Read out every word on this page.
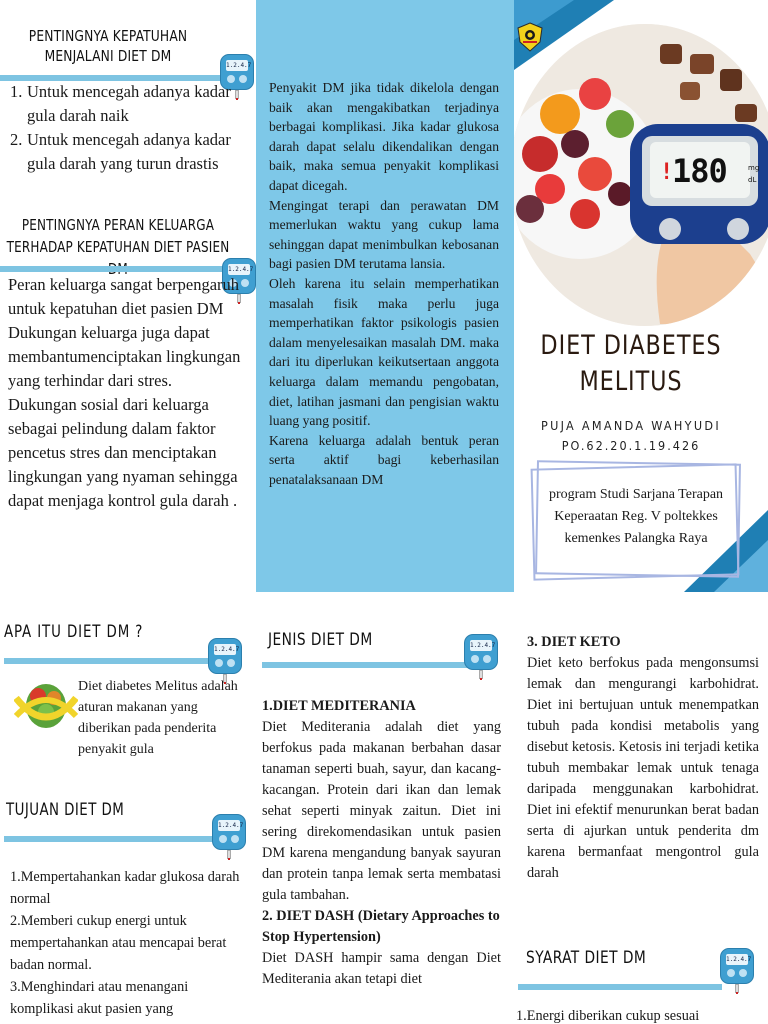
PENTINGNYA KEPATUHAN
MENJALANI DIET DM
1.2.4.7
1. Untuk mencegah adanya kadar gula darah naik
2. Untuk mencegah adanya kadar gula darah yang turun drastis
PENTINGNYA PERAN KELUARGA
TERHADAP KEPATUHAN DIET PASIEN
1.2.4.7
Peran keluarga sangat berpengaruh untuk kepatuhan diet pasien DM
Dukungan keluarga juga dapat membantumenciptakan lingkungan yang terhindar dari stres.
Dukungan sosial dari keluarga sebagai pelindung dalam faktor pencetus stres dan menciptakan lingkungan yang nyaman sehingga dapat menjaga kontrol gula darah .
Penyakit DM jika tidak dikelola dengan baik akan mengakibatkan terjadinya berbagai komplikasi. Jika kadar glukosa darah dapat selalu dikendalikan dengan baik, maka semua penyakit komplikasi dapat dicegah.
Mengingat terapi dan perawatan DM memerlukan waktu yang cukup lama sehinggan dapat menimbulkan kebosanan bagi pasien DM terutama lansia.
Oleh karena itu selain memperhatikan masalah fisik maka perlu juga memperhatikan faktor psikologis pasien dalam menyelesaikan masalah DM. maka dari itu diperlukan keikutsertaan anggota keluarga dalam memandu pengobatan, diet, latihan jasmani dan pengisian waktu luang yang positif.
Karena keluarga adalah bentuk peran serta aktif bagi keberhasilan penatalaksanaan DM
!
180	mg
dL
DIET DIABETES
MELITUS
PUJA AMANDA WAHYUDI
PO.62.20.1.19.426
program Studi Sarjana Terapan Keperaatan Reg. V poltekkes kemenkes Palangka Raya
APA ITU DIET DM ?
1.2.4.7
Diet diabetes Melitus adalah aturan makanan yang diberikan pada penderita penyakit gula
TUJUAN DIET DM
1.2.4.7
1.Mempertahankan kadar glukosa darah normal
2.Memberi cukup energi untuk mempertahankan atau mencapai berat badan normal.
3.Menghindari atau menangani komplikasi akut pasien yang
JENIS DIET DM	1.2.4.7
1.DIET MEDITERANIA
Diet Mediterania adalah diet yang berfokus pada makanan berbahan dasar tanaman seperti buah, sayur, dan kacang-kacangan. Protein dari ikan dan lemak sehat seperti minyak zaitun. Diet ini sering direkomendasikan untuk pasien DM karena mengandung banyak sayuran dan protein tanpa lemak serta membatasi gula tambahan.
2. DIET DASH (Dietary Approaches to Stop Hypertension)
Diet DASH hampir sama dengan Diet Mediterania akan tetapi diet
3. DIET KETO
Diet keto berfokus pada mengonsumsi lemak dan mengurangi karbohidrat. Diet ini bertujuan untuk menempatkan tubuh pada kondisi metabolis yang disebut ketosis. Ketosis ini terjadi ketika tubuh membakar lemak untuk tenaga daripada menggunakan karbohidrat. Diet ini efektif menurunkan berat badan serta di ajurkan untuk penderita dm karena bermanfaat mengontrol gula darah
SYARAT DIET DM	1.2.4.7
1.Energi diberikan cukup sesuai
